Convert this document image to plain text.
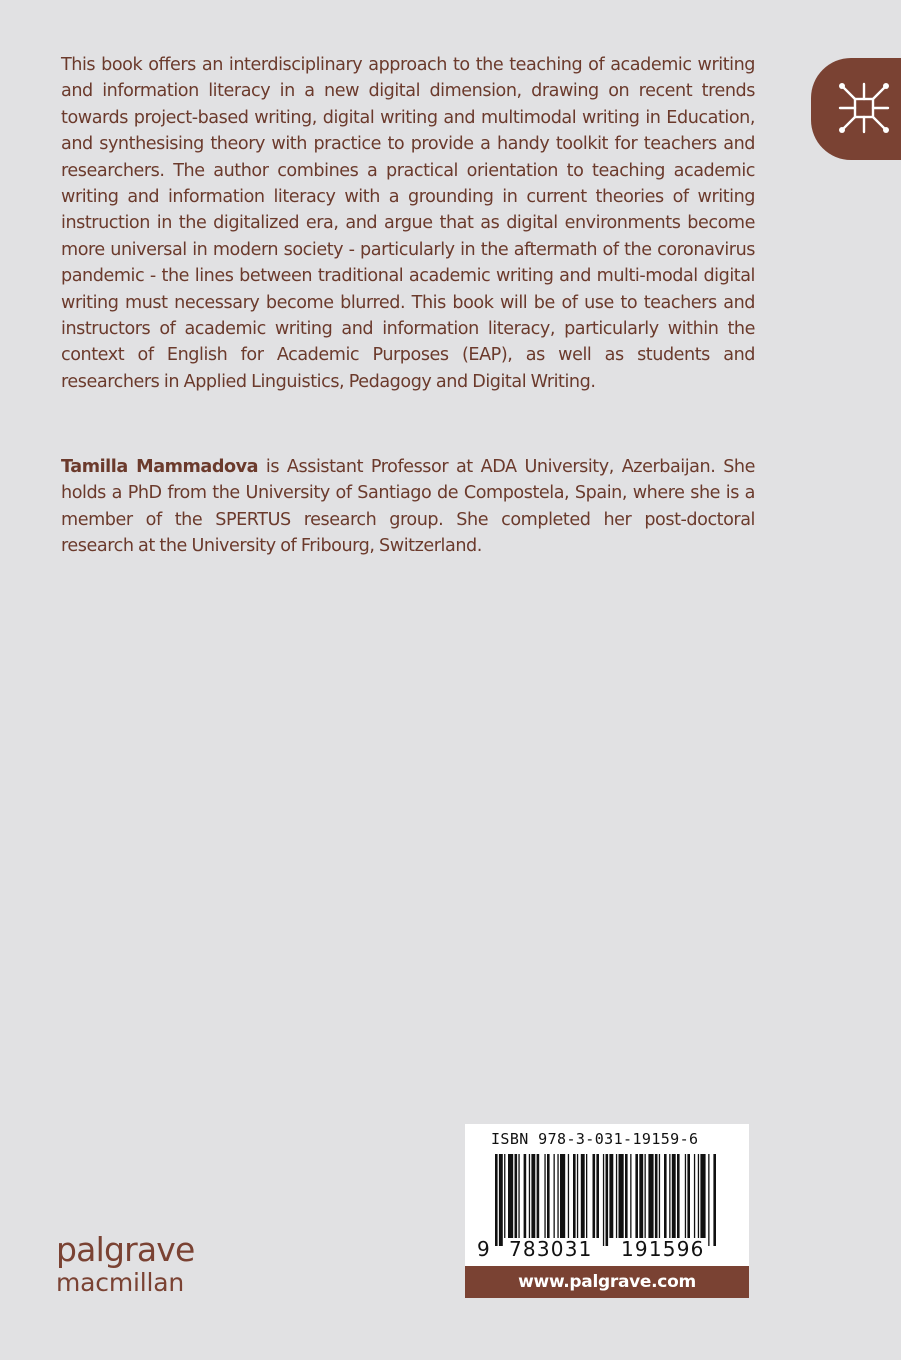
This book offers an interdisciplinary approach to the teaching of academic writing and information literacy in a new digital dimension, drawing on recent trends towards project-based writing, digital writing and multimodal writing in Education, and synthesising theory with practice to provide a handy toolkit for teachers and researchers. The author combines a practical orientation to teaching academic writing and information literacy with a grounding in current theories of writing instruction in the digitalized era, and argue that as digital environments become more universal in modern society - particularly in the aftermath of the coronavirus pandemic - the lines between traditional academic writing and multi-modal digital writing must necessary become blurred. This book will be of use to teachers and instructors of academic writing and information literacy, particularly within the context of English for Academic Purposes (EAP), as well as students and researchers in Applied Linguistics, Pedagogy and Digital Writing.

Tamilla Mammadova is Assistant Professor at ADA University, Azerbaijan. She holds a PhD from the University of Santiago de Compostela, Spain, where she is a member of the SPERTUS research group. She completed her post-doctoral research at the University of Fribourg, Switzerland.

ISBN 978-3-031-19159-6
9 783031 191596
www.palgrave.com
palgrave
macmillan
